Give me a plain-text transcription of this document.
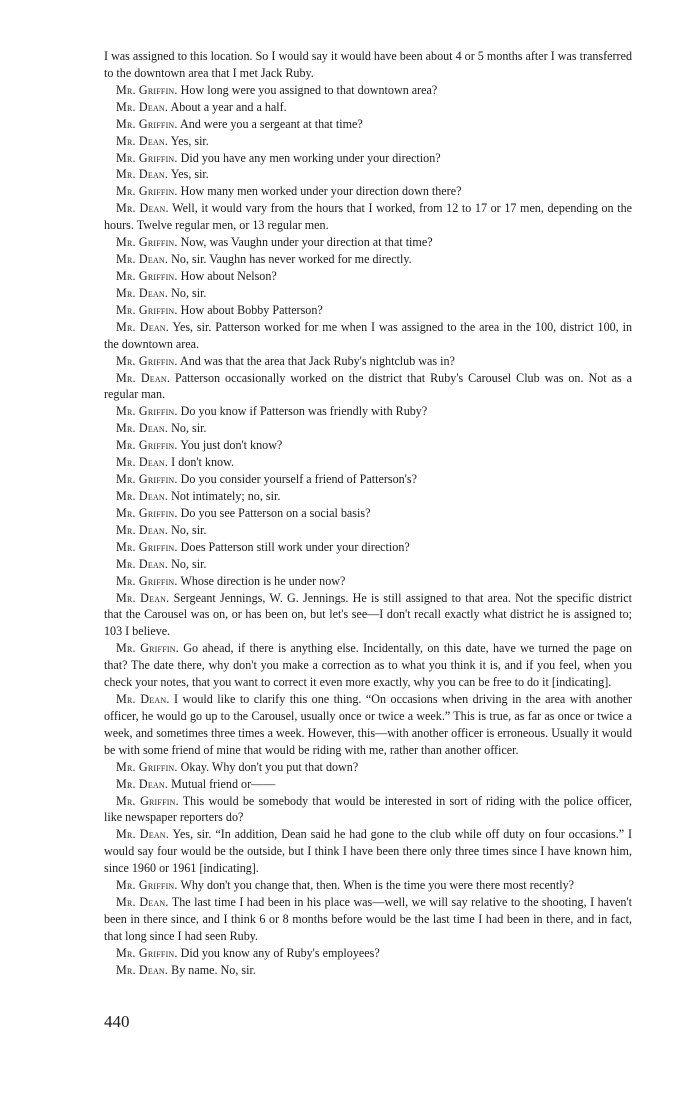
I was assigned to this location. So I would say it would have been about 4 or 5 months after I was transferred to the downtown area that I met Jack Ruby.

Mr. Griffin. How long were you assigned to that downtown area?

Mr. Dean. About a year and a half.

Mr. Griffin. And were you a sergeant at that time?

Mr. Dean. Yes, sir.

Mr. Griffin. Did you have any men working under your direction?

Mr. Dean. Yes, sir.

Mr. Griffin. How many men worked under your direction down there?

Mr. Dean. Well, it would vary from the hours that I worked, from 12 to 17 or 17 men, depending on the hours. Twelve regular men, or 13 regular men.

Mr. Griffin. Now, was Vaughn under your direction at that time?

Mr. Dean. No, sir. Vaughn has never worked for me directly.

Mr. Griffin. How about Nelson?

Mr. Dean. No, sir.

Mr. Griffin. How about Bobby Patterson?

Mr. Dean. Yes, sir. Patterson worked for me when I was assigned to the area in the 100, district 100, in the downtown area.

Mr. Griffin. And was that the area that Jack Ruby's nightclub was in?

Mr. Dean. Patterson occasionally worked on the district that Ruby's Carousel Club was on. Not as a regular man.

Mr. Griffin. Do you know if Patterson was friendly with Ruby?

Mr. Dean. No, sir.

Mr. Griffin. You just don't know?

Mr. Dean. I don't know.

Mr. Griffin. Do you consider yourself a friend of Patterson's?

Mr. Dean. Not intimately; no, sir.

Mr. Griffin. Do you see Patterson on a social basis?

Mr. Dean. No, sir.

Mr. Griffin. Does Patterson still work under your direction?

Mr. Dean. No, sir.

Mr. Griffin. Whose direction is he under now?

Mr. Dean. Sergeant Jennings, W. G. Jennings. He is still assigned to that area. Not the specific district that the Carousel was on, or has been on, but let's see—I don't recall exactly what district he is assigned to; 103 I believe.

Mr. Griffin. Go ahead, if there is anything else. Incidentally, on this date, have we turned the page on that? The date there, why don't you make a correction as to what you think it is, and if you feel, when you check your notes, that you want to correct it even more exactly, why you can be free to do it [indicating].

Mr. Dean. I would like to clarify this one thing. “On occasions when driving in the area with another officer, he would go up to the Carousel, usually once or twice a week.” This is true, as far as once or twice a week, and sometimes three times a week. However, this—with another officer is erroneous. Usually it would be with some friend of mine that would be riding with me, rather than another officer.

Mr. Griffin. Okay. Why don't you put that down?

Mr. Dean. Mutual friend or——

Mr. Griffin. This would be somebody that would be interested in sort of riding with the police officer, like newspaper reporters do?

Mr. Dean. Yes, sir. “In addition, Dean said he had gone to the club while off duty on four occasions.” I would say four would be the outside, but I think I have been there only three times since I have known him, since 1960 or 1961 [indicating].

Mr. Griffin. Why don't you change that, then. When is the time you were there most recently?

Mr. Dean. The last time I had been in his place was—well, we will say relative to the shooting, I haven't been in there since, and I think 6 or 8 months before would be the last time I had been in there, and in fact, that long since I had seen Ruby.

Mr. Griffin. Did you know any of Ruby's employees?

Mr. Dean. By name. No, sir.

440
